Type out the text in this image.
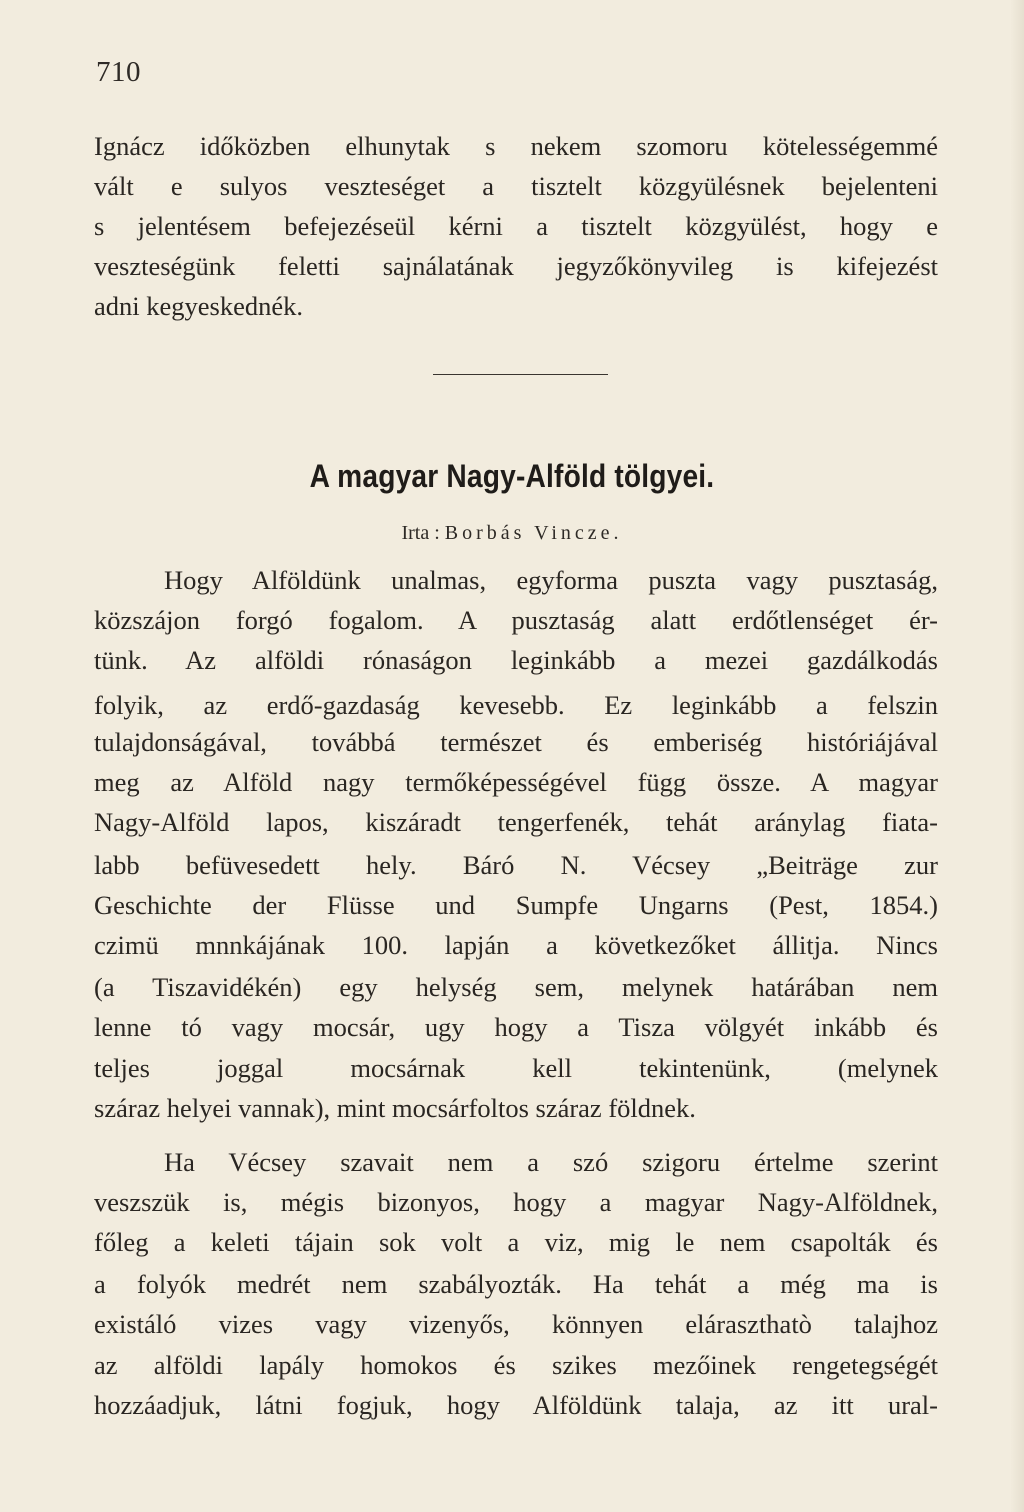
710
Ignácz időközben elhunytak s nekem szomoru kötelességemmé
vált e sulyos veszteséget a tisztelt közgyülésnek bejelenteni
s jelentésem befejezéseül kérni a tisztelt közgyülést, hogy e
veszteségünk feletti sajnálatának jegyzőkönyvileg is kifejezést
adni kegyeskednék.
A magyar Nagy-Alföld tölgyei.
Irta : Borbás Vincze.
Hogy Alföldünk unalmas, egyforma puszta vagy pusztaság,
közszájon forgó fogalom. A pusztaság alatt erdőtlenséget ér-
tünk. Az alföldi rónaságon leginkább a mezei gazdálkodás
folyik, az erdő-gazdaság kevesebb. Ez leginkább a felszin
tulajdonságával, továbbá természet és emberiség históriájával
meg az Alföld nagy termőképességével függ össze. A magyar
Nagy-Alföld lapos, kiszáradt tengerfenék, tehát aránylag fiata-
labb befüvesedett hely. Báró N. Vécsey „Beiträge zur
Geschichte der Flüsse und Sumpfe Ungarns (Pest, 1854.)
czimü mnnkájának 100. lapján a következőket állitja. Nincs
(a Tiszavidékén) egy helység sem, melynek határában nem
lenne tó vagy mocsár, ugy hogy a Tisza völgyét inkább és
teljes joggal mocsárnak kell tekintenünk, (melynek
száraz helyei vannak), mint mocsárfoltos száraz földnek.
Ha Vécsey szavait nem a szó szigoru értelme szerint
veszszük is, mégis bizonyos, hogy a magyar Nagy-Alföldnek,
főleg a keleti tájain sok volt a viz, mig le nem csapolták és
a folyók medrét nem szabályozták. Ha tehát a még ma is
existáló vizes vagy vizenyős, könnyen eláraszthatò talajhoz
az alföldi lapály homokos és szikes mezőinek rengetegségét
hozzáadjuk, látni fogjuk, hogy Alföldünk talaja, az itt ural-
